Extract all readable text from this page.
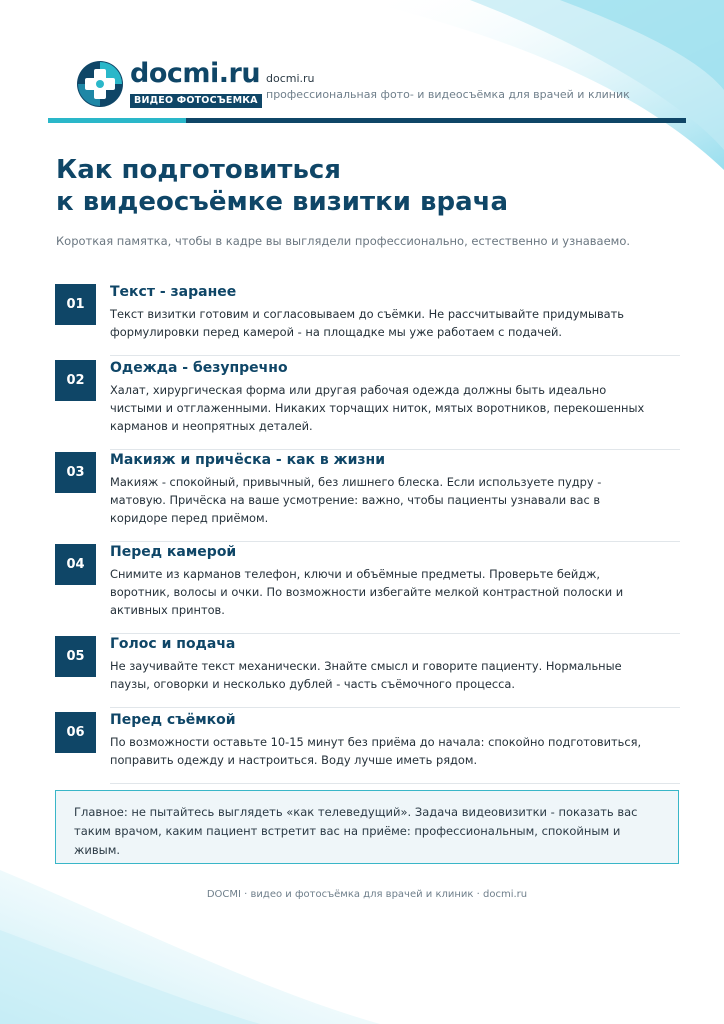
docmi.ru
ВИДЕО ФОТОСЪЕМКА
docmi.ru
профессиональная фото- и видеосъёмка для врачей и клиник
Как подготовиться
к видеосъёмке визитки врача
Короткая памятка, чтобы в кадре вы выглядели профессионально, естественно и узнаваемо.
01
Текст - заранее
Текст визитки готовим и согласовываем до съёмки. Не рассчитывайте придумывать
формулировки перед камерой - на площадке мы уже работаем с подачей.
02
Одежда - безупречно
Халат, хирургическая форма или другая рабочая одежда должны быть идеально
чистыми и отглаженными. Никаких торчащих ниток, мятых воротников, перекошенных
карманов и неопрятных деталей.
03
Макияж и причёска - как в жизни
Макияж - спокойный, привычный, без лишнего блеска. Если используете пудру -
матовую. Причёска на ваше усмотрение: важно, чтобы пациенты узнавали вас в
коридоре перед приёмом.
04
Перед камерой
Снимите из карманов телефон, ключи и объёмные предметы. Проверьте бейдж,
воротник, волосы и очки. По возможности избегайте мелкой контрастной полоски и
активных принтов.
05
Голос и подача
Не заучивайте текст механически. Знайте смысл и говорите пациенту. Нормальные
паузы, оговорки и несколько дублей - часть съёмочного процесса.
06
Перед съёмкой
По возможности оставьте 10-15 минут без приёма до начала: спокойно подготовиться,
поправить одежду и настроиться. Воду лучше иметь рядом.
Главное: не пытайтесь выглядеть «как телеведущий». Задача видеовизитки - показать вас
таким врачом, каким пациент встретит вас на приёме: профессиональным, спокойным и
живым.
DOCMI · видео и фотосъёмка для врачей и клиник · docmi.ru
